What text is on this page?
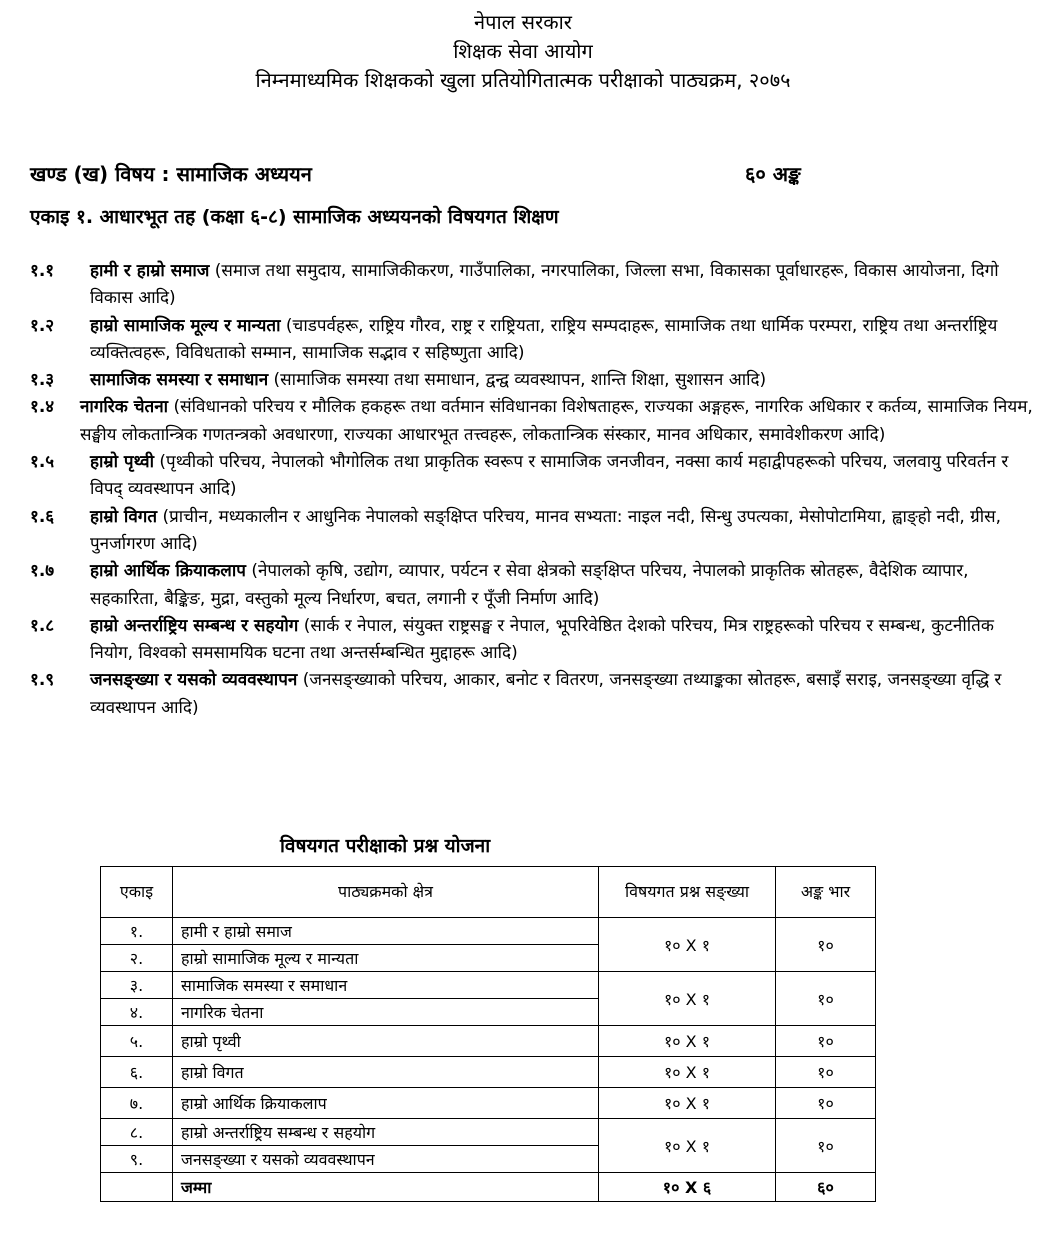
नेपाल सरकार
शिक्षक सेवा आयोग
निम्नमाध्यमिक शिक्षकको खुला प्रतियोगितात्मक परीक्षाको पाठ्यक्रम, २०७५
खण्ड (ख) विषय : सामाजिक अध्ययन	६० अङ्क
एकाइ १. आधारभूत तह (कक्षा ६-८) सामाजिक अध्ययनको विषयगत शिक्षण
१.१	हामी र हाम्रो समाज (समाज तथा समुदाय, सामाजिकीकरण, गाउँपालिका, नगरपालिका, जिल्ला सभा, विकासका पूर्वाधारहरू, विकास आयोजना, दिगो विकास आदि)
१.२	हाम्रो सामाजिक मूल्य र मान्यता (चाडपर्वहरू, राष्ट्रिय गौरव, राष्ट्र र राष्ट्रियता, राष्ट्रिय सम्पदाहरू, सामाजिक तथा धार्मिक परम्परा, राष्ट्रिय तथा अन्तर्राष्ट्रिय व्यक्तित्वहरू, विविधताको सम्मान, सामाजिक सद्भाव र सहिष्णुता आदि)
१.३	सामाजिक समस्या र समाधान (सामाजिक समस्या तथा समाधान, द्वन्द्व व्यवस्थापन, शान्ति शिक्षा, सुशासन आदि)
१.४	नागरिक चेतना (संविधानको परिचय र मौलिक हकहरू तथा वर्तमान संविधानका विशेषताहरू, राज्यका अङ्गहरू, नागरिक अधिकार र कर्तव्य, सामाजिक नियम, सङ्घीय लोकतान्त्रिक गणतन्त्रको अवधारणा, राज्यका आधारभूत तत्त्वहरू, लोकतान्त्रिक संस्कार, मानव अधिकार, समावेशीकरण आदि)
१.५	हाम्रो पृथ्वी (पृथ्वीको परिचय, नेपालको भौगोलिक तथा प्राकृतिक स्वरूप र सामाजिक जनजीवन, नक्सा कार्य महाद्वीपहरूको परिचय, जलवायु परिवर्तन र विपद् व्यवस्थापन आदि)
१.६	हाम्रो विगत (प्राचीन, मध्यकालीन र आधुनिक नेपालको सङ्क्षिप्त परिचय, मानव सभ्यता: नाइल नदी, सिन्धु उपत्यका, मेसोपोटामिया, ह्वाङ्हो नदी, ग्रीस, पुनर्जागरण आदि)
१.७	हाम्रो आर्थिक क्रियाकलाप (नेपालको कृषि, उद्योग, व्यापार, पर्यटन र सेवा क्षेत्रको सङ्क्षिप्त परिचय, नेपालको प्राकृतिक स्रोतहरू, वैदेशिक व्यापार, सहकारिता, बैङ्किङ, मुद्रा, वस्तुको मूल्य निर्धारण, बचत, लगानी र पूँजी निर्माण आदि)
१.८	हाम्रो अन्तर्राष्ट्रिय सम्बन्ध र सहयोग (सार्क र नेपाल, संयुक्त राष्ट्रसङ्घ र नेपाल, भूपरिवेष्ठित देशको परिचय, मित्र राष्ट्रहरूको परिचय र सम्बन्ध, कुटनीतिक नियोग, विश्वको समसामयिक घटना तथा अन्तर्सम्बन्धित मुद्दाहरू आदि)
१.९	जनसङ्ख्या र यसको व्यववस्थापन (जनसङ्ख्याको परिचय, आकार, बनोट र वितरण, जनसङ्ख्या तथ्याङ्कका स्रोतहरू, बसाइँ सराइ, जनसङ्ख्या वृद्धि र व्यवस्थापन आदि)
विषयगत परीक्षाको प्रश्न योजना
एकाइ	पाठ्यक्रमको क्षेत्र	विषयगत प्रश्न सङ्ख्या	अङ्क भार
१.	हामी र हाम्रो समाज	१० X १	१०
२.	हाम्रो सामाजिक मूल्य र मान्यता		
३.	सामाजिक समस्या र समाधान	१० X १	१०
४.	नागरिक चेतना		
५.	हाम्रो पृथ्वी	१० X १	१०
६.	हाम्रो विगत	१० X १	१०
७.	हाम्रो आर्थिक क्रियाकलाप	१० X १	१०
८.	हाम्रो अन्तर्राष्ट्रिय सम्बन्ध र सहयोग	१० X १	१०
९.	जनसङ्ख्या र यसको व्यववस्थापन		
	जम्मा	१० X ६	६०
